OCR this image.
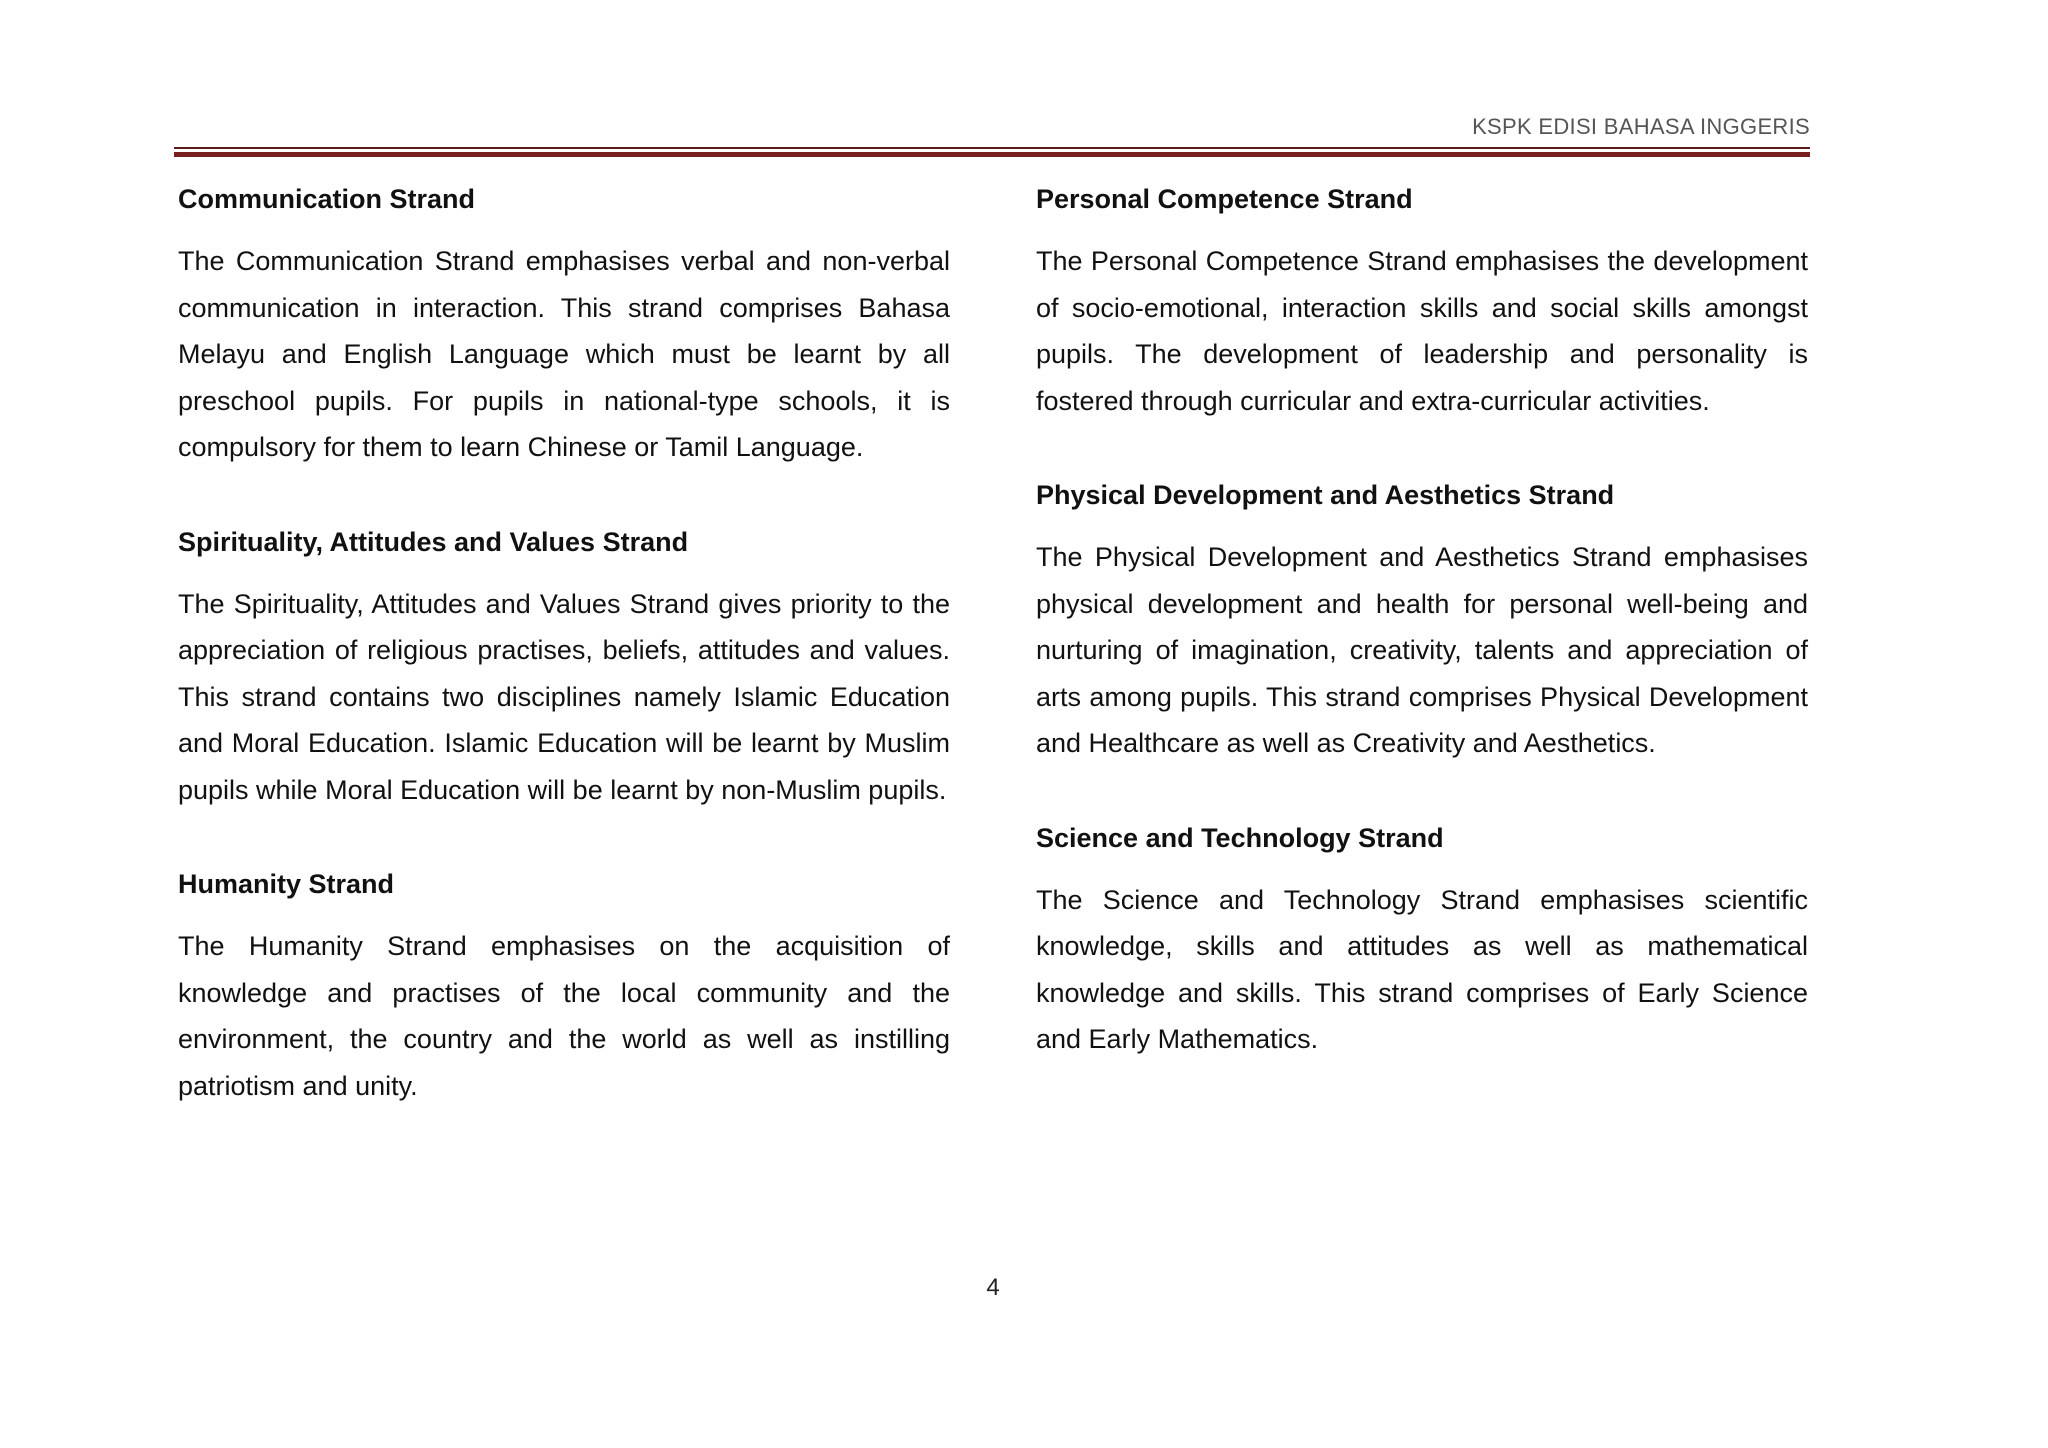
KSPK EDISI BAHASA INGGERIS
Communication Strand

The Communication Strand emphasises verbal and non-verbal communication in interaction. This strand comprises Bahasa Melayu and English Language which must be learnt by all preschool pupils. For pupils in national-type schools, it is compulsory for them to learn Chinese or Tamil Language.

Spirituality, Attitudes and Values Strand

The Spirituality, Attitudes and Values Strand gives priority to the appreciation of religious practises, beliefs, attitudes and values. This strand contains two disciplines namely Islamic Education and Moral Education. Islamic Education will be learnt by Muslim pupils while Moral Education will be learnt by non-Muslim pupils.

Humanity Strand

The Humanity Strand emphasises on the acquisition of knowledge and practises of the local community and the environment, the country and the world as well as instilling patriotism and unity.

Personal Competence Strand

The Personal Competence Strand emphasises the development of socio-emotional, interaction skills and social skills amongst pupils. The development of leadership and personality is fostered through curricular and extra-curricular activities.

Physical Development and Aesthetics Strand

The Physical Development and Aesthetics Strand emphasises physical development and health for personal well-being and nurturing of imagination, creativity, talents and appreciation of arts among pupils. This strand comprises Physical Development and Healthcare as well as Creativity and Aesthetics.

Science and Technology Strand

The Science and Technology Strand emphasises scientific knowledge, skills and attitudes as well as mathematical knowledge and skills. This strand comprises of Early Science and Early Mathematics.

4
